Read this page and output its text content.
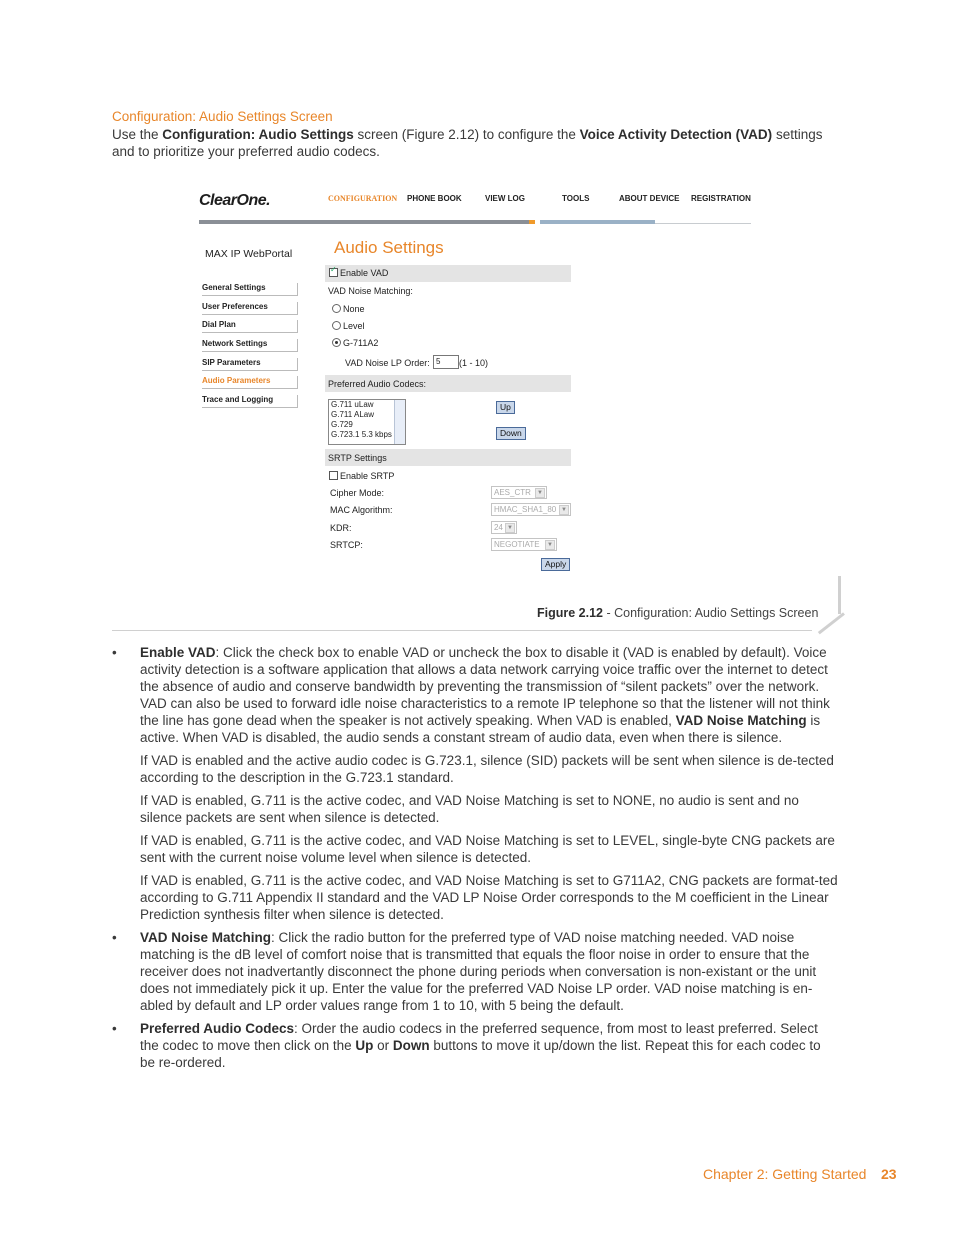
Configuration: Audio Settings Screen
Use the Configuration: Audio Settings screen (Figure 2.12) to configure the Voice Activity Detection (VAD) settings and to prioritize your preferred audio codecs.
ClearOne.	CONFIGURATION PHONE BOOK	VIEW LOG	TOOLS	ABOUT DEVICE REGISTRATION
MAX IP WebPortal
General Settings
User Preferences
Dial Plan
Network Settings
SIP Parameters
Audio Parameters
Trace and Logging
Audio Settings
✓Enable VAD
VAD Noise Matching:
None
Level
G-711A2
VAD Noise LP Order: 5	(1 - 10)
Preferred Audio Codecs:
G.711 uLaw
G.711 ALaw
G.729
G.723.1 5.3 kbps
Up
Down
SRTP Settings
Enable SRTP
Cipher Mode:	AES_CTR	▼
MAC Algorithm:	HMAC_SHA1_80 ▼
KDR:	24 ▼
SRTCP:	NEGOTIATE	▼
Apply
Figure 2.12 - Configuration: Audio Settings Screen
• Enable VAD: Click the check box to enable VAD or uncheck the box to disable it (VAD is enabled by default). Voice activity detection is a software application that allows a data network carrying voice traffic over the internet to detect the absence of audio and conserve bandwidth by preventing the transmission of “silent packets” over the network. VAD can also be used to forward idle noise characteristics to a remote IP telephone so that the listener will not think the line has gone dead when the speaker is not actively speaking. When VAD is enabled, VAD Noise Matching is active. When VAD is disabled, the audio sends a constant stream of audio data, even when there is silence.
If VAD is enabled and the active audio codec is G.723.1, silence (SID) packets will be sent when silence is de-tected according to the description in the G.723.1 standard.
If VAD is enabled, G.711 is the active codec, and VAD Noise Matching is set to NONE, no audio is sent and no silence packets are sent when silence is detected.
If VAD is enabled, G.711 is the active codec, and VAD Noise Matching is set to LEVEL, single-byte CNG packets are sent with the current noise volume level when silence is detected.
If VAD is enabled, G.711 is the active codec, and VAD Noise Matching is set to G711A2, CNG packets are format-ted according to G.711 Appendix II standard and the VAD LP Noise Order corresponds to the M coefficient in the Linear Prediction synthesis filter when silence is detected.
• VAD Noise Matching: Click the radio button for the preferred type of VAD noise matching needed. VAD noise matching is the dB level of comfort noise that is transmitted that equals the floor noise in order to ensure that the receiver does not inadvertantly disconnect the phone during periods when conversation is non-existant or the unit does not immediately pick it up. Enter the value for the preferred VAD Noise LP order. VAD noise matching is en-abled by default and LP order values range from 1 to 10, with 5 being the default.
• Preferred Audio Codecs: Order the audio codecs in the preferred sequence, from most to least preferred. Select the codec to move then click on the Up or Down buttons to move it up/down the list. Repeat this for each codec to be re-ordered.
Chapter 2: Getting Started 23
